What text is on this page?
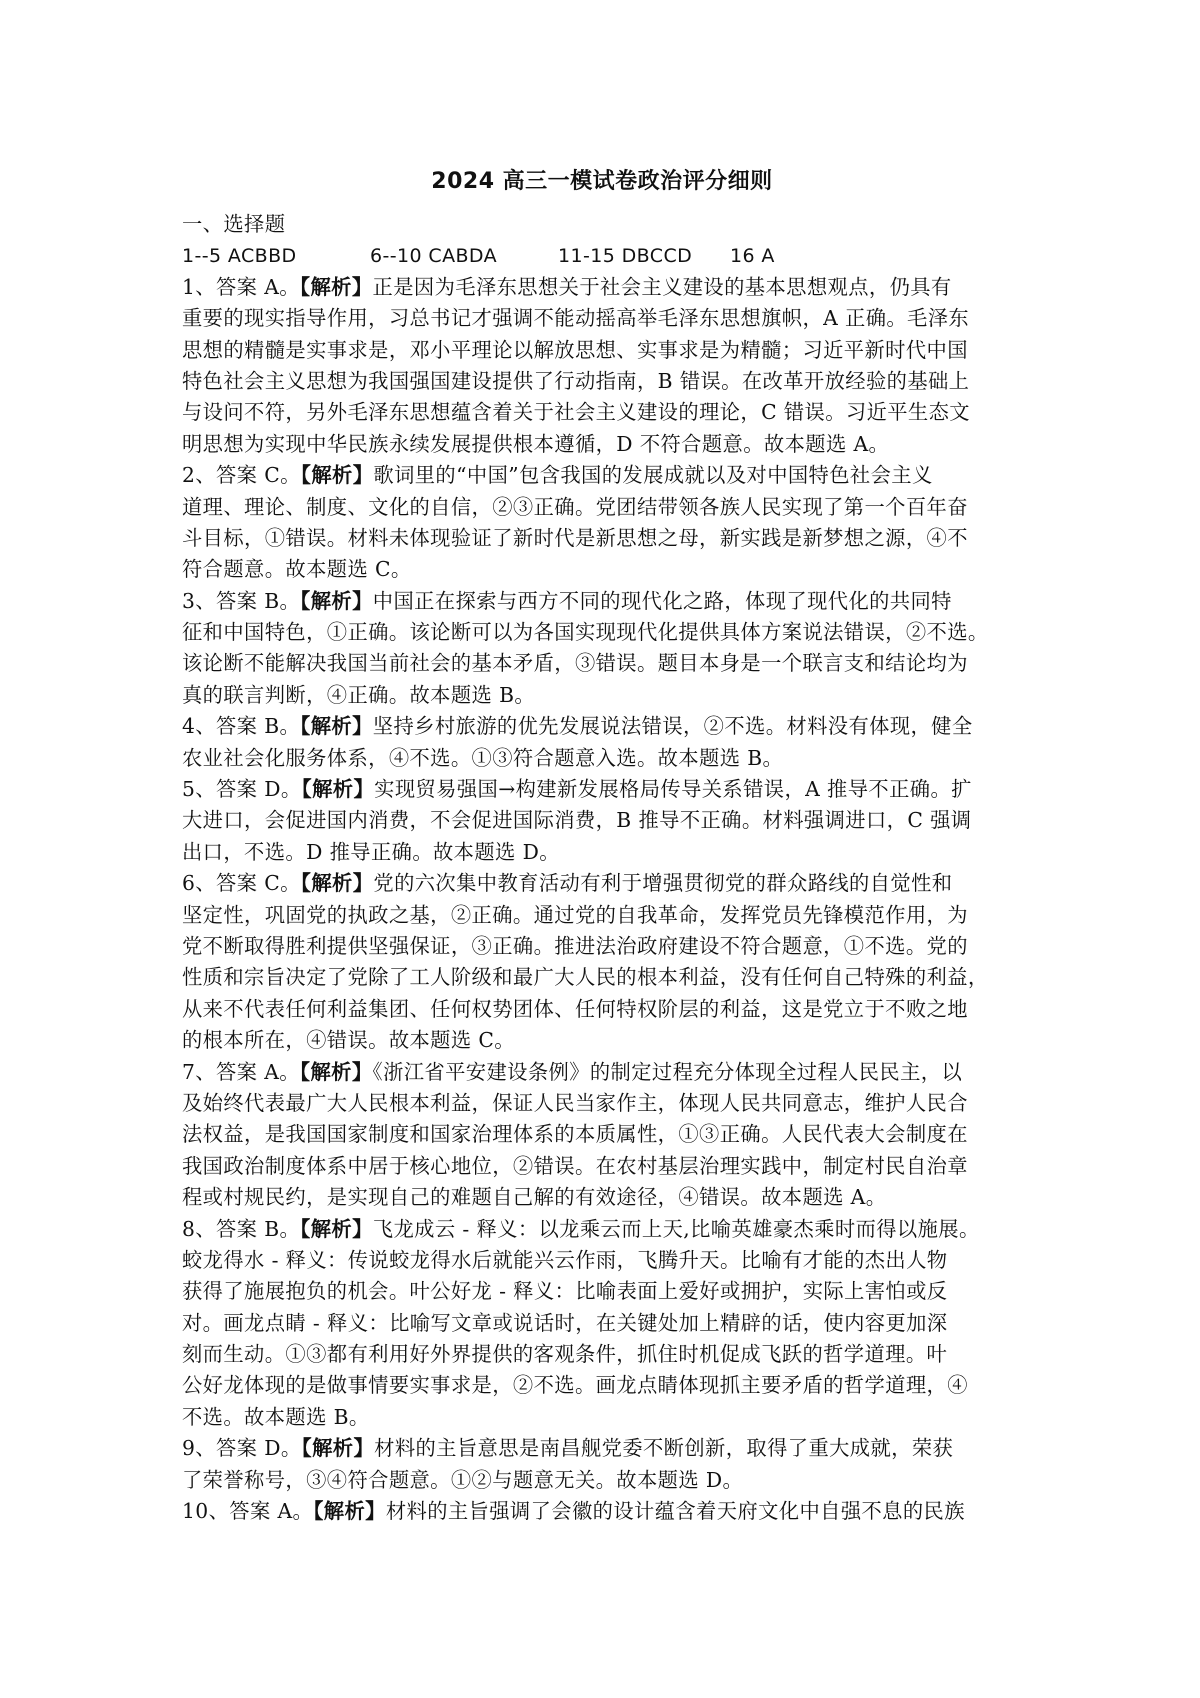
2024 高三一模试卷政治评分细则
一、选择题
1--5 ACBBD	6--10 CABDA	11-15 DBCCD 16 A
1、答案 A。【解析】正是因为毛泽东思想关于社会主义建设的基本思想观点，仍具有
重要的现实指导作用，习总书记才强调不能动摇高举毛泽东思想旗帜，A 正确。毛泽东
思想的精髓是实事求是，邓小平理论以解放思想、实事求是为精髓；习近平新时代中国
特色社会主义思想为我国强国建设提供了行动指南，B 错误。在改革开放经验的基础上
与设问不符，另外毛泽东思想蕴含着关于社会主义建设的理论，C 错误。习近平生态文
明思想为实现中华民族永续发展提供根本遵循，D 不符合题意。故本题选 A。
2、答案 C。【解析】歌词里的“中国”包含我国的发展成就以及对中国特色社会主义
道理、理论、制度、文化的自信，②③正确。党团结带领各族人民实现了第一个百年奋
斗目标，①错误。材料未体现验证了新时代是新思想之母，新实践是新梦想之源，④不
符合题意。故本题选 C。
3、答案 B。【解析】中国正在探索与西方不同的现代化之路，体现了现代化的共同特
征和中国特色，①正确。该论断可以为各国实现现代化提供具体方案说法错误，②不选。
该论断不能解决我国当前社会的基本矛盾，③错误。题目本身是一个联言支和结论均为
真的联言判断，④正确。故本题选 B。
4、答案 B。【解析】坚持乡村旅游的优先发展说法错误，②不选。材料没有体现，健全
农业社会化服务体系，④不选。①③符合题意入选。故本题选 B。
5、答案 D。【解析】实现贸易强国→构建新发展格局传导关系错误，A 推导不正确。扩
大进口，会促进国内消费，不会促进国际消费，B 推导不正确。材料强调进口，C 强调
出口，不选。D 推导正确。故本题选 D。
6、答案 C。【解析】党的六次集中教育活动有利于增强贯彻党的群众路线的自觉性和
坚定性，巩固党的执政之基，②正确。通过党的自我革命，发挥党员先锋模范作用，为
党不断取得胜利提供坚强保证，③正确。推进法治政府建设不符合题意，①不选。党的
性质和宗旨决定了党除了工人阶级和最广大人民的根本利益，没有任何自己特殊的利益，
从来不代表任何利益集团、任何权势团体、任何特权阶层的利益，这是党立于不败之地
的根本所在，④错误。故本题选 C。
7、答案 A。【解析】《浙江省平安建设条例》的制定过程充分体现全过程人民民主，以
及始终代表最广大人民根本利益，保证人民当家作主，体现人民共同意志，维护人民合
法权益，是我国国家制度和国家治理体系的本质属性，①③正确。人民代表大会制度在
我国政治制度体系中居于核心地位，②错误。在农村基层治理实践中，制定村民自治章
程或村规民约，是实现自己的难题自己解的有效途径，④错误。故本题选 A。
8、答案 B。【解析】飞龙成云 - 释义：以龙乘云而上天,比喻英雄豪杰乘时而得以施展。
蛟龙得水 - 释义：传说蛟龙得水后就能兴云作雨，飞腾升天。比喻有才能的杰出人物
获得了施展抱负的机会。叶公好龙 - 释义：比喻表面上爱好或拥护，实际上害怕或反
对。画龙点睛 - 释义：比喻写文章或说话时，在关键处加上精辟的话，使内容更加深
刻而生动。①③都有利用好外界提供的客观条件，抓住时机促成飞跃的哲学道理。叶
公好龙体现的是做事情要实事求是，②不选。画龙点睛体现抓主要矛盾的哲学道理，④
不选。故本题选 B。
9、答案 D。【解析】材料的主旨意思是南昌舰党委不断创新，取得了重大成就，荣获
了荣誉称号，③④符合题意。①②与题意无关。故本题选 D。
10、答案 A。【解析】材料的主旨强调了会徽的设计蕴含着天府文化中自强不息的民族
